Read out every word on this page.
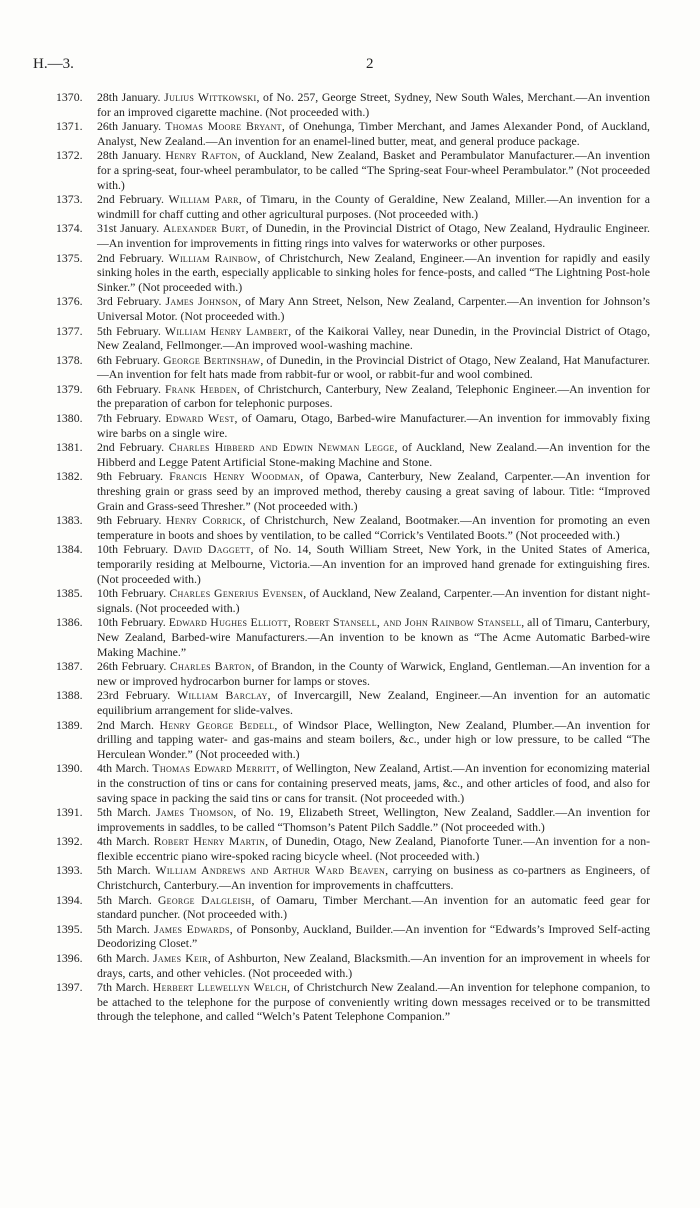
H.—3.	2
1370. 28th January. Julius Wittkowski, of No. 257, George Street, Sydney, New South Wales, Merchant.—An invention for an improved cigarette machine. (Not proceeded with.)
1371. 26th January. Thomas Moore Bryant, of Onehunga, Timber Merchant, and James Alexander Pond, of Auckland, Analyst, New Zealand.—An invention for an enamel-lined butter, meat, and general produce package.
1372. 28th January. Henry Rafton, of Auckland, New Zealand, Basket and Perambulator Manufacturer.—An invention for a spring-seat, four-wheel perambulator, to be called “The Spring-seat Four-wheel Perambulator.” (Not proceeded with.)
1373. 2nd February. William Parr, of Timaru, in the County of Geraldine, New Zealand, Miller.—An invention for a windmill for chaff cutting and other agricultural purposes. (Not proceeded with.)
1374. 31st January. Alexander Burt, of Dunedin, in the Provincial District of Otago, New Zealand, Hydraulic Engineer.—An invention for improvements in fitting rings into valves for waterworks or other purposes.
1375. 2nd February. William Rainbow, of Christchurch, New Zealand, Engineer.—An invention for rapidly and easily sinking holes in the earth, especially applicable to sinking holes for fence-posts, and called “The Lightning Post-hole Sinker.” (Not proceeded with.)
1376. 3rd February. James Johnson, of Mary Ann Street, Nelson, New Zealand, Carpenter.—An invention for Johnson’s Universal Motor. (Not proceeded with.)
1377. 5th February. William Henry Lambert, of the Kaikorai Valley, near Dunedin, in the Provincial District of Otago, New Zealand, Fellmonger.—An improved wool-washing machine.
1378. 6th February. George Bertinshaw, of Dunedin, in the Provincial District of Otago, New Zealand, Hat Manufacturer.—An invention for felt hats made from rabbit-fur or wool, or rabbit-fur and wool combined.
1379. 6th February. Frank Hebden, of Christchurch, Canterbury, New Zealand, Telephonic Engineer.—An invention for the preparation of carbon for telephonic purposes.
1380. 7th February. Edward West, of Oamaru, Otago, Barbed-wire Manufacturer.—An invention for immovably fixing wire barbs on a single wire.
1381. 2nd February. Charles Hibberd and Edwin Newman Legge, of Auckland, New Zealand.—An invention for the Hibberd and Legge Patent Artificial Stone-making Machine and Stone.
1382. 9th February. Francis Henry Woodman, of Opawa, Canterbury, New Zealand, Carpenter.—An invention for threshing grain or grass seed by an improved method, thereby causing a great saving of labour. Title: “Improved Grain and Grass-seed Thresher.” (Not proceeded with.)
1383. 9th February. Henry Corrick, of Christchurch, New Zealand, Bootmaker.—An invention for promoting an even temperature in boots and shoes by ventilation, to be called “Corrick’s Ventilated Boots.” (Not proceeded with.)
1384. 10th February. David Daggett, of No. 14, South William Street, New York, in the United States of America, temporarily residing at Melbourne, Victoria.—An invention for an improved hand grenade for extinguishing fires. (Not proceeded with.)
1385. 10th February. Charles Generius Evensen, of Auckland, New Zealand, Carpenter.—An invention for distant night-signals. (Not proceeded with.)
1386. 10th February. Edward Hughes Elliott, Robert Stansell, and John Rainbow Stansell, all of Timaru, Canterbury, New Zealand, Barbed-wire Manufacturers.—An invention to be known as “The Acme Automatic Barbed-wire Making Machine.”
1387. 26th February. Charles Barton, of Brandon, in the County of Warwick, England, Gentleman.—An invention for a new or improved hydrocarbon burner for lamps or stoves.
1388. 23rd February. William Barclay, of Invercargill, New Zealand, Engineer.—An invention for an automatic equilibrium arrangement for slide-valves.
1389. 2nd March. Henry George Bedell, of Windsor Place, Wellington, New Zealand, Plumber.—An invention for drilling and tapping water- and gas-mains and steam boilers, &c., under high or low pressure, to be called “The Herculean Wonder.” (Not proceeded with.)
1390. 4th March. Thomas Edward Merritt, of Wellington, New Zealand, Artist.—An invention for economizing material in the construction of tins or cans for containing preserved meats, jams, &c., and other articles of food, and also for saving space in packing the said tins or cans for transit. (Not proceeded with.)
1391. 5th March. James Thomson, of No. 19, Elizabeth Street, Wellington, New Zealand, Saddler.—An invention for improvements in saddles, to be called “Thomson’s Patent Pilch Saddle.” (Not proceeded with.)
1392. 4th March. Robert Henry Martin, of Dunedin, Otago, New Zealand, Pianoforte Tuner.—An invention for a non-flexible eccentric piano wire-spoked racing bicycle wheel. (Not proceeded with.)
1393. 5th March. William Andrews and Arthur Ward Beaven, carrying on business as co-partners as Engineers, of Christchurch, Canterbury.—An invention for improvements in chaffcutters.
1394. 5th March. George Dalgleish, of Oamaru, Timber Merchant.—An invention for an automatic feed gear for standard puncher. (Not proceeded with.)
1395. 5th March. James Edwards, of Ponsonby, Auckland, Builder.—An invention for “Edwards’s Improved Self-acting Deodorizing Closet.”
1396. 6th March. James Keir, of Ashburton, New Zealand, Blacksmith.—An invention for an improvement in wheels for drays, carts, and other vehicles. (Not proceeded with.)
1397. 7th March. Herbert Llewellyn Welch, of Christchurch New Zealand.—An invention for telephone companion, to be attached to the telephone for the purpose of conveniently writing down messages received or to be transmitted through the telephone, and called “Welch’s Patent Telephone Companion.”
